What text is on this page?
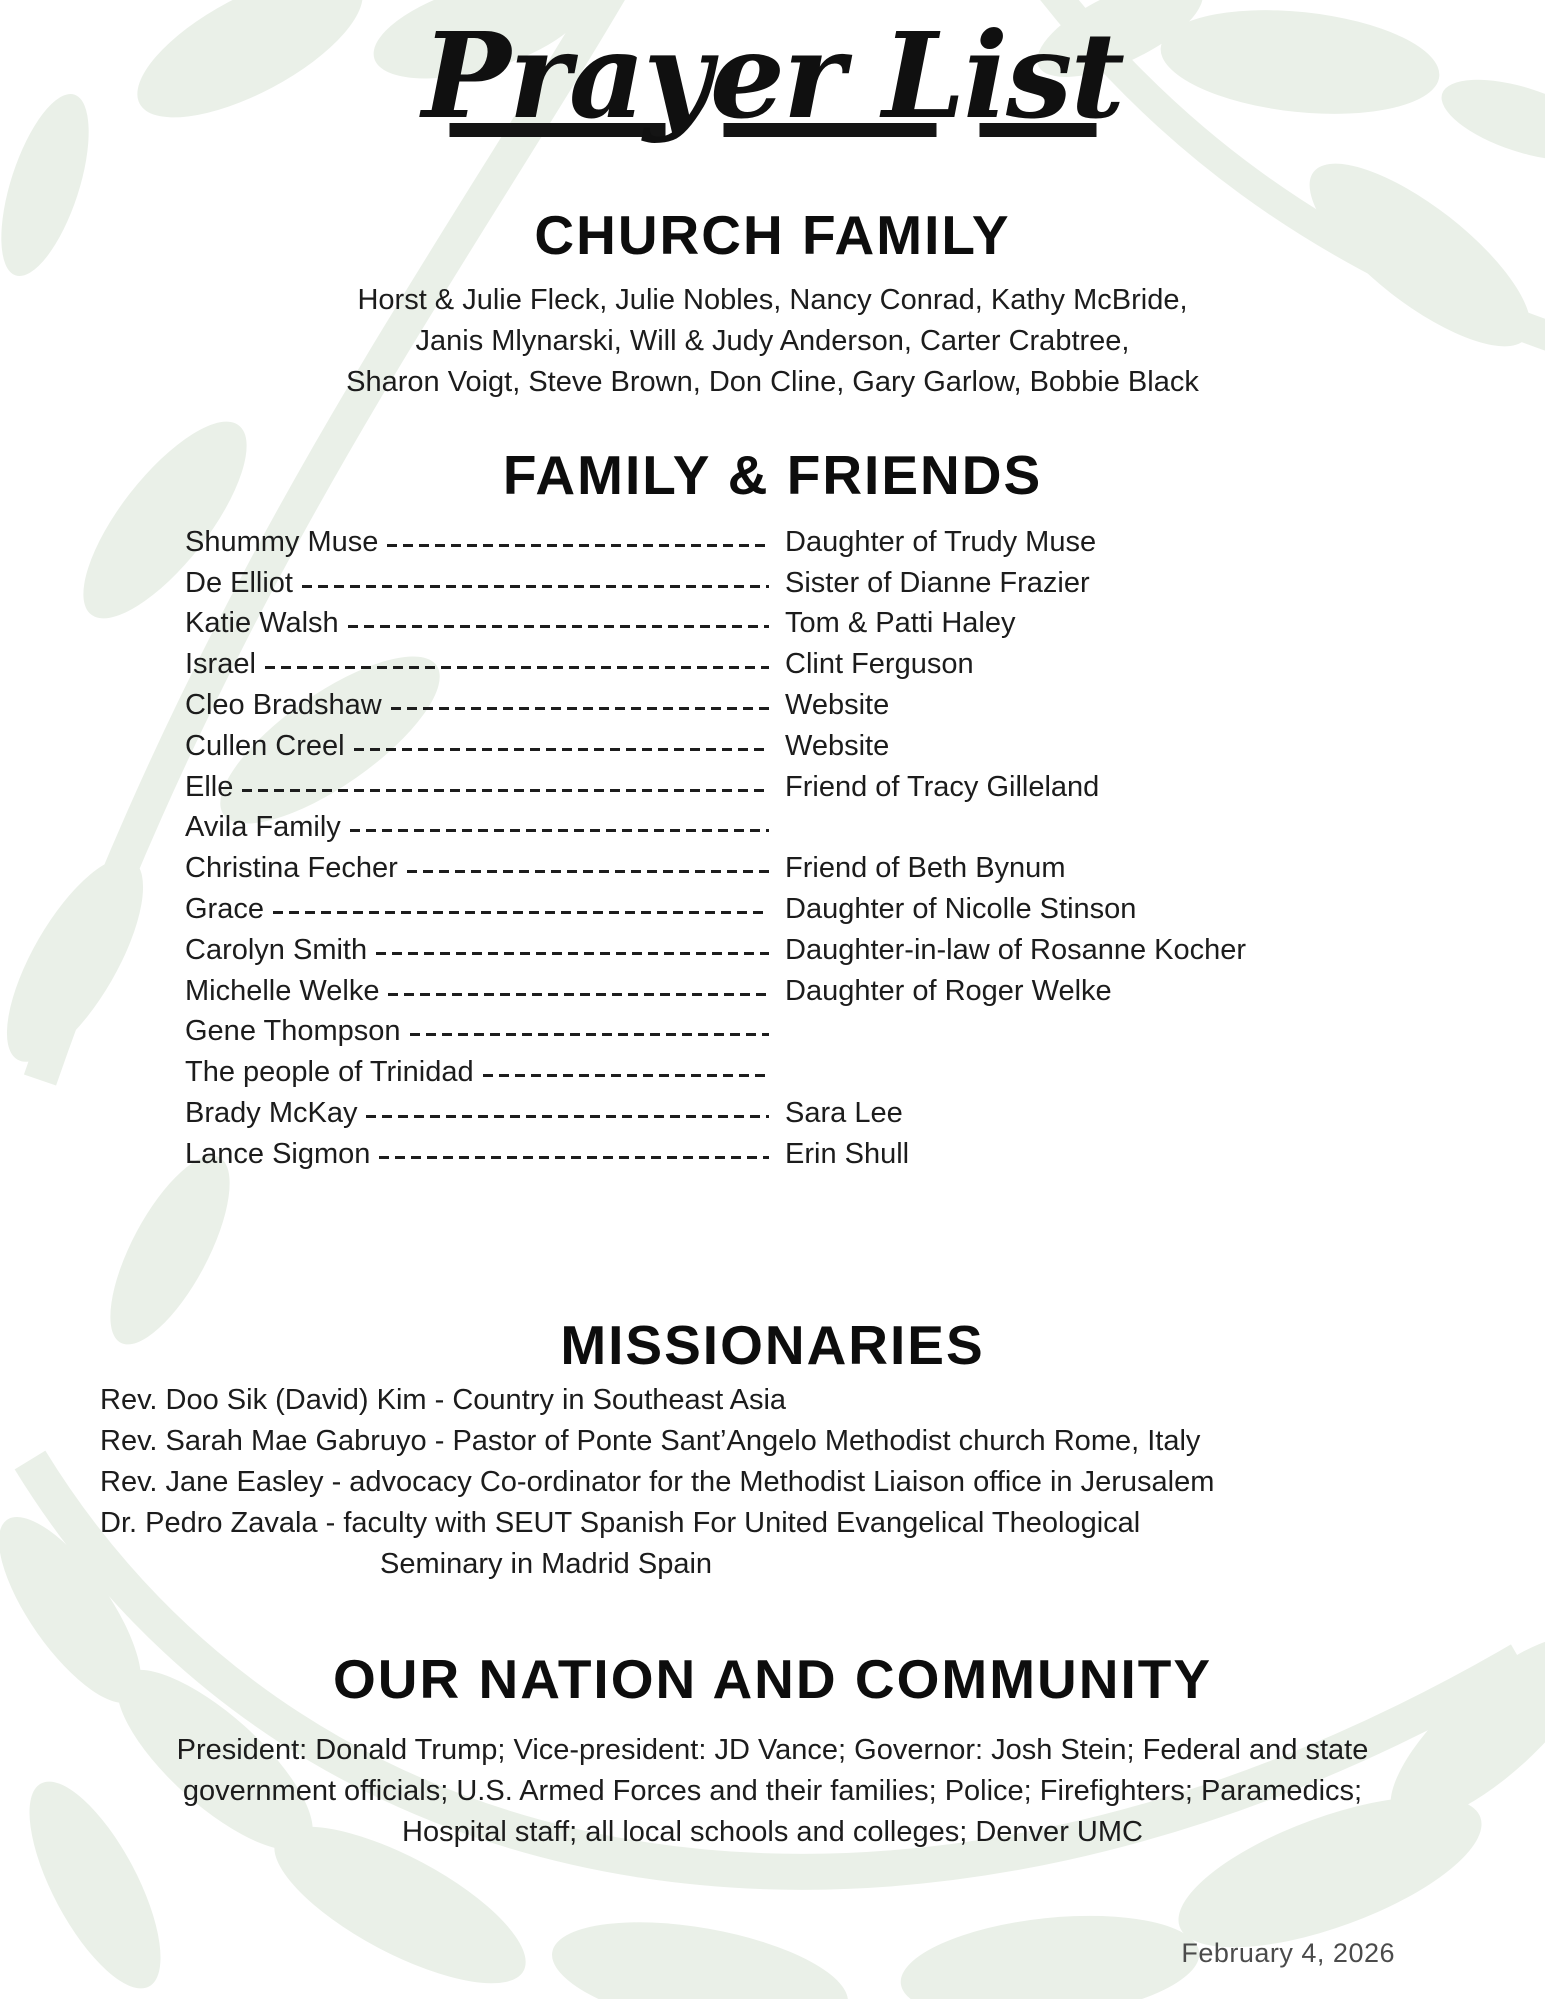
Prayer List
CHURCH FAMILY
Horst & Julie Fleck, Julie Nobles, Nancy Conrad, Kathy McBride,
Janis Mlynarski, Will & Judy Anderson, Carter Crabtree,
Sharon Voigt, Steve Brown, Don Cline, Gary Garlow, Bobbie Black
FAMILY & FRIENDS
Shummy Muse	Daughter of Trudy Muse
De Elliot	Sister of Dianne Frazier
Katie Walsh	Tom & Patti Haley
Israel	Clint Ferguson
Cleo Bradshaw	Website
Cullen Creel	Website
Elle	Friend of Tracy Gilleland
Avila Family
Christina Fecher	Friend of Beth Bynum
Grace	Daughter of Nicolle Stinson
Carolyn Smith	Daughter-in-law of Rosanne Kocher
Michelle Welke	Daughter of Roger Welke
Gene Thompson
The people of Trinidad
Brady McKay	Sara Lee
Lance Sigmon	Erin Shull
MISSIONARIES
Rev. Doo Sik (David) Kim - Country in Southeast Asia
Rev. Sarah Mae Gabruyo - Pastor of Ponte Sant’Angelo Methodist church Rome, Italy
Rev. Jane Easley - advocacy Co-ordinator for the Methodist Liaison office in Jerusalem
Dr. Pedro Zavala - faculty with SEUT Spanish For United Evangelical Theological
Seminary in Madrid Spain
OUR NATION AND COMMUNITY
President: Donald Trump; Vice-president: JD Vance; Governor: Josh Stein; Federal and state
government officials; U.S. Armed Forces and their families; Police; Firefighters; Paramedics;
Hospital staff; all local schools and colleges; Denver UMC
February 4, 2026
